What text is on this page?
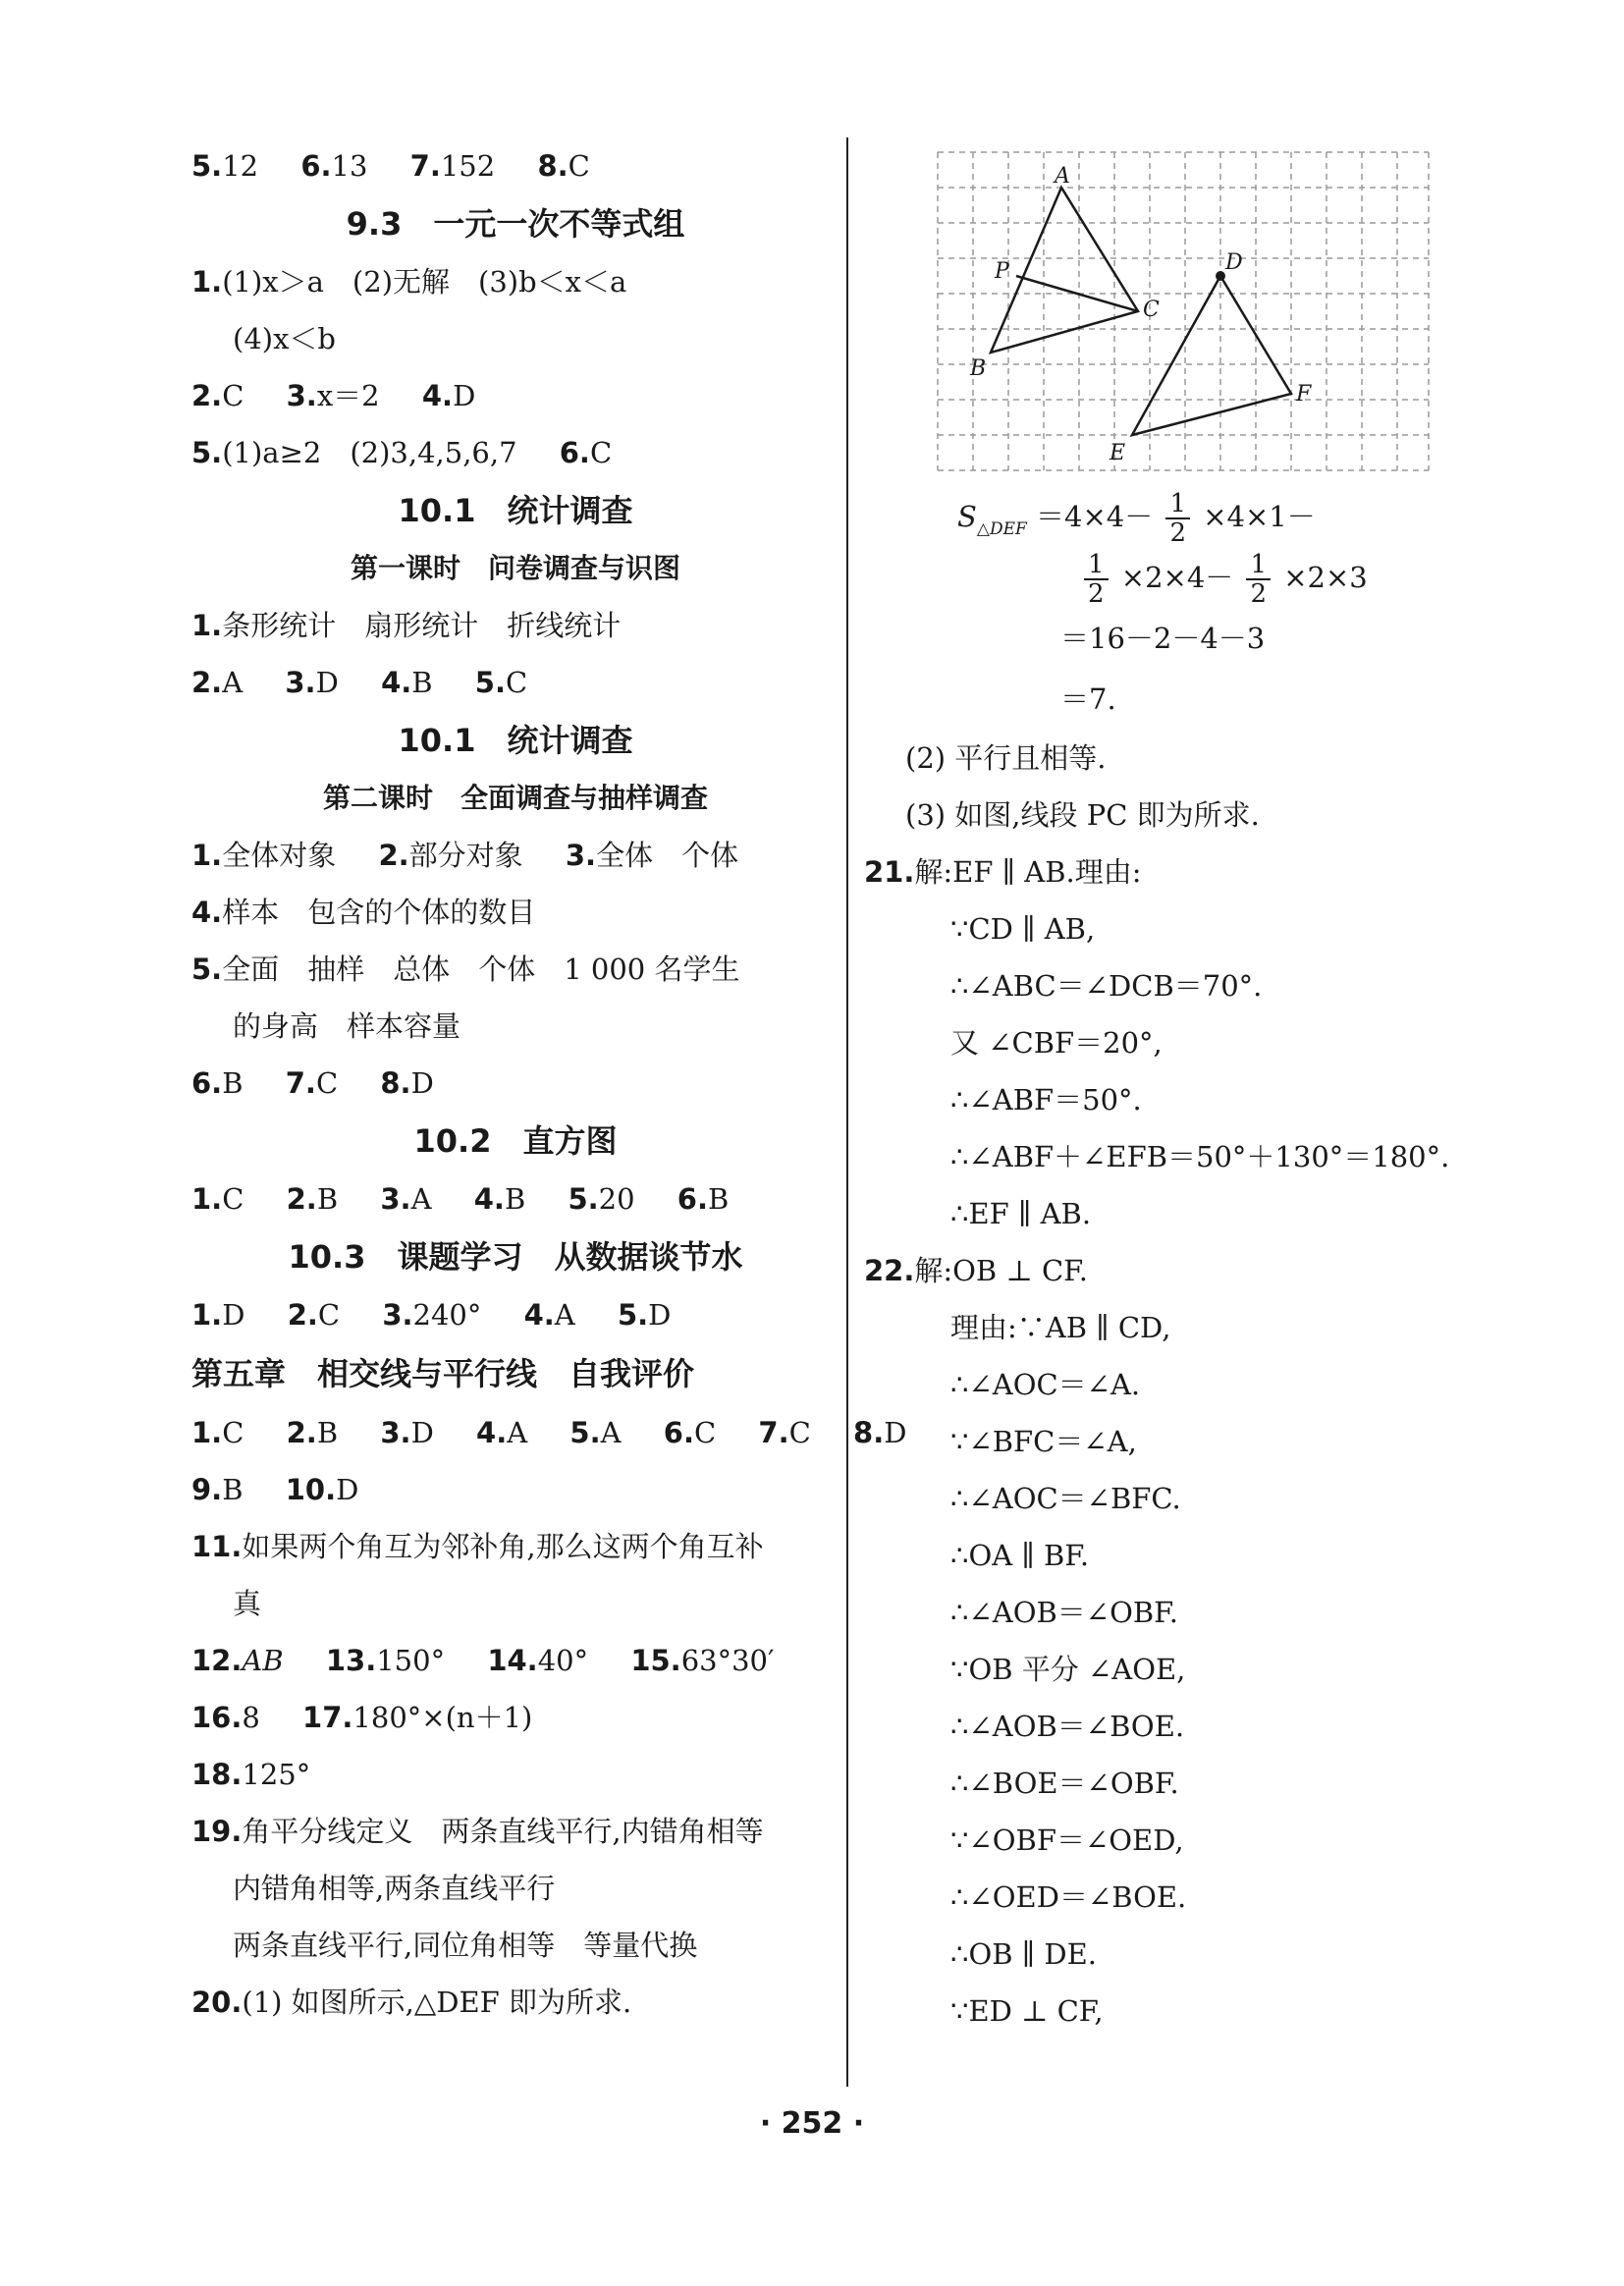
5.12 6.13 7.152 8.C
9.3　一元一次不等式组
1.(1)x＞a　(2)无解　(3)b＜x＜a
(4)x＜b
2.C 3.x＝2 4.D
5.(1)a≥2　(2)3,4,5,6,7 6.C
10.1　统计调查
第一课时　问卷调查与识图
1.条形统计　扇形统计　折线统计
2.A 3.D 4.B 5.C
10.1　统计调查
第二课时　全面调查与抽样调查
1.全体对象 2.部分对象 3.全体　个体
4.样本　包含的个体的数目
5.全面　抽样　总体　个体　1 000 名学生
的身高　样本容量
6.B 7.C 8.D
10.2　直方图
1.C 2.B 3.A 4.B 5.20 6.B
10.3　课题学习　从数据谈节水
1.D 2.C 3.240° 4.A 5.D
第五章　相交线与平行线　自我评价
1.C 2.B 3.D 4.A 5.A 6.C 7.C 8.D
9.B 10.D
11.如果两个角互为邻补角,那么这两个角互补
真
12.AB 13.150° 14.40° 15.63°30′
16.8 17.180°×(n＋1)
18.125°
19.角平分线定义　两条直线平行,内错角相等
内错角相等,两条直线平行
两条直线平行,同位角相等　等量代换
20.(1) 如图所示,△DEF 即为所求.
A
B
C
P	D
E
F
$S_{\triangle DEF} =4\times 4- \frac{1}{2} \times 4\times 1-$
$\frac{1}{2} \times 2\times 4- \frac{1}{2} \times 2\times 3$
＝16－2－4－3
＝7.
(2) 平行且相等.
(3) 如图,线段 PC 即为所求.
21.解:EF ∥ AB.理由:
∵CD ∥ AB,
∴∠ABC＝∠DCB＝70°.
又 ∠CBF＝20°,
∴∠ABF＝50°.
∴∠ABF＋∠EFB＝50°＋130°＝180°.
∴EF ∥ AB.
22.解:OB ⊥ CF.
理由:∵AB ∥ CD,
∴∠AOC＝∠A.
∵∠BFC＝∠A,
∴∠AOC＝∠BFC.
∴OA ∥ BF.
∴∠AOB＝∠OBF.
∵OB 平分 ∠AOE,
∴∠AOB＝∠BOE.
∴∠BOE＝∠OBF.
∵∠OBF＝∠OED,
∴∠OED＝∠BOE.
∴OB ∥ DE.
∵ED ⊥ CF,
· 252 ·
